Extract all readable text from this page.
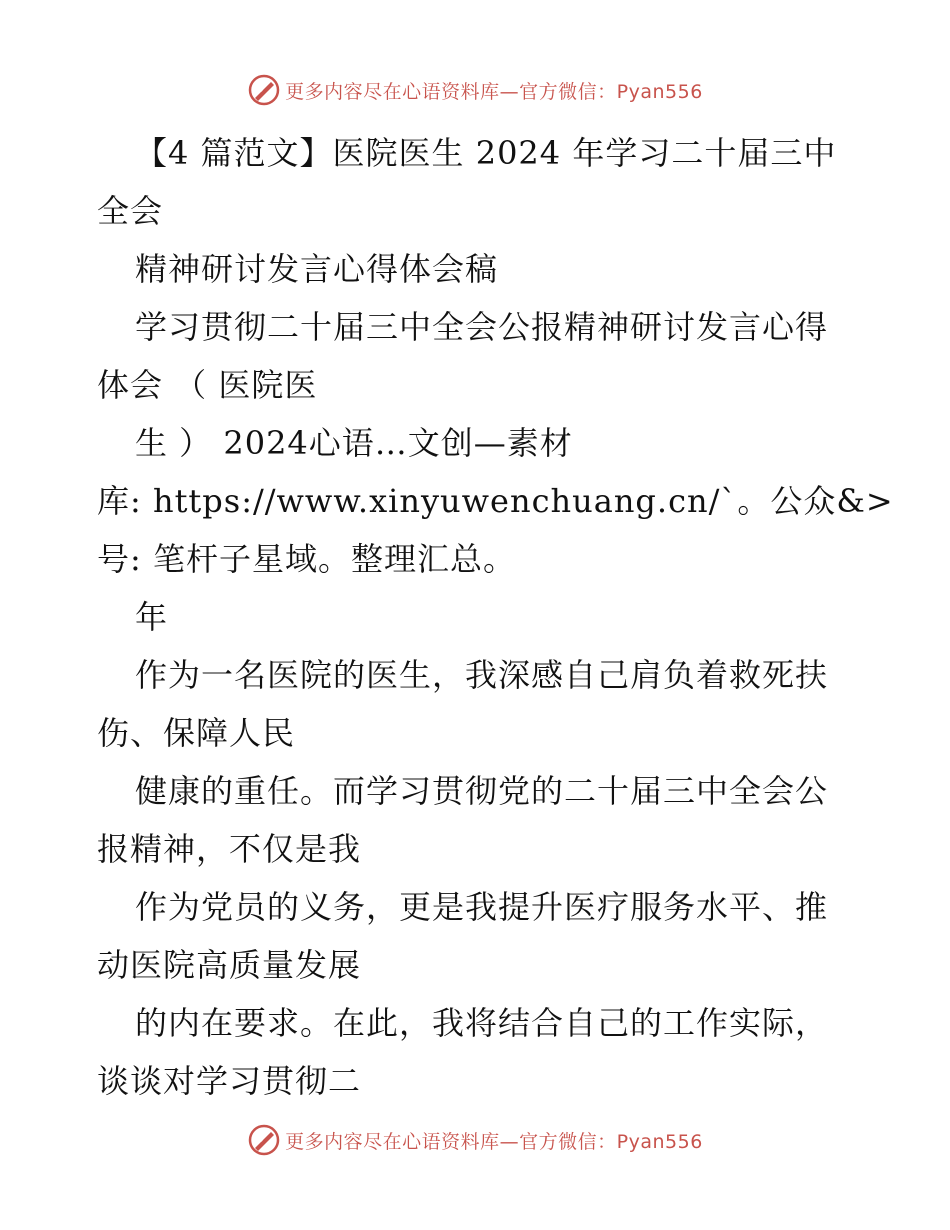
更多内容尽在心语资料库—官方微信：Pyan556
【4 篇范文】医院医生 2024 年学习二十届三中
全会
精神研讨发言心得体会稿
学习贯彻二十届三中全会公报精神研讨发言心得
体会 （ 医院医
生 ） 2024心语…文创—素材
库: https://www.xinyuwenchuang.cn/`。公众&>
号: 笔杆子星域。整理汇总。
年
作为一名医院的医生，我深感自己肩负着救死扶
伤、保障人民
健康的重任。而学习贯彻党的二十届三中全会公
报精神，不仅是我
作为党员的义务，更是我提升医疗服务水平、推
动医院高质量发展
的内在要求。在此，我将结合自己的工作实际，
谈谈对学习贯彻二
更多内容尽在心语资料库—官方微信：Pyan556
